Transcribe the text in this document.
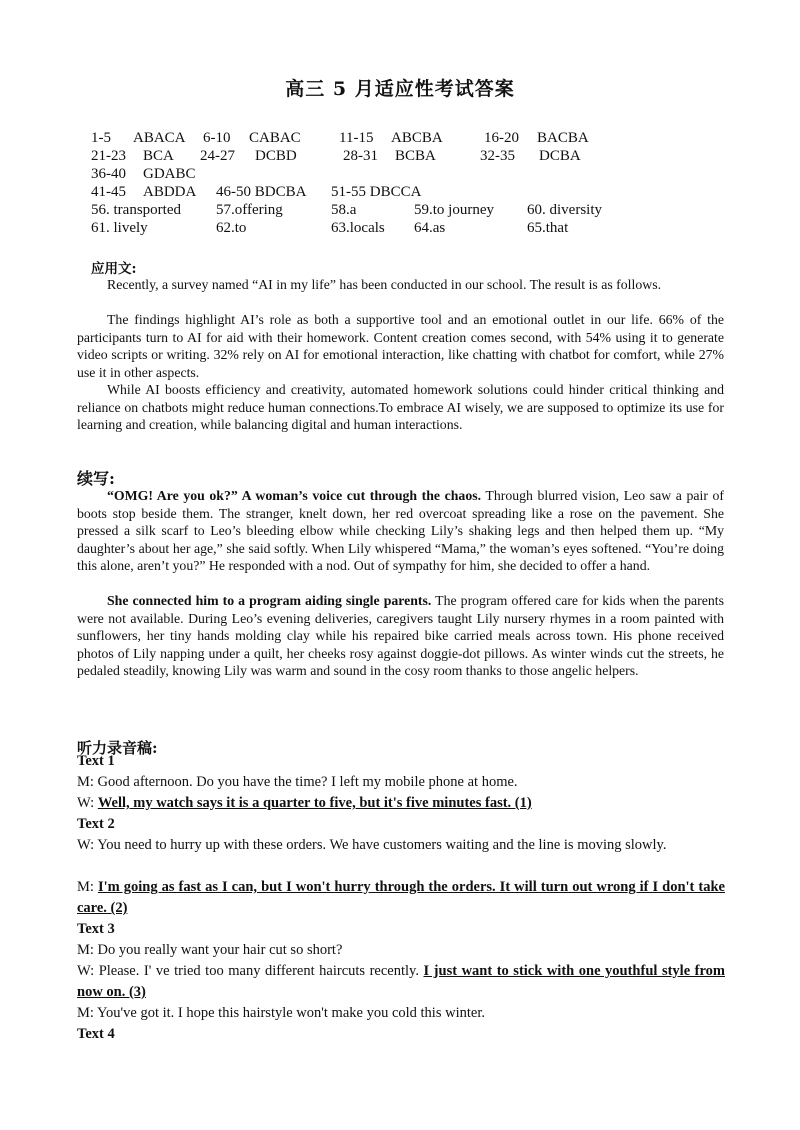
高三 5 月适应性考试答案
1-5 ABACA 6-10 CABAC	11-15 ABCBA	16-20 BACBA
21-23 BCA 24-27 DCBD	28-31 BCBA	32-35 DCBA
36-40 GDABC
41-45 ABDDA 46-50 BDCBA 51-55 DBCCA
56. transported 57.offering	58.a	59.to journey 60. diversity
61. lively	62.to	63.locals 64.as	65.that
应用文:

Recently, a survey named “AI in my life” has been conducted in our school. The result is as follows.

The findings highlight AI’s role as both a supportive tool and an emotional outlet in our life. 66% of the participants turn to AI for aid with their homework. Content creation comes second, with 54% using it to generate video scripts or writing. 32% rely on AI for emotional interaction, like chatting with chatbot for comfort, while 27% use it in other aspects.

While AI boosts efficiency and creativity, automated homework solutions could hinder critical thinking and reliance on chatbots might reduce human connections.To embrace AI wisely, we are supposed to optimize its use for learning and creation, while balancing digital and human interactions.

续写:

“OMG! Are you ok?” A woman’s voice cut through the chaos. Through blurred vision, Leo saw a pair of boots stop beside them. The stranger, knelt down, her red overcoat spreading like a rose on the pavement. She pressed a silk scarf to Leo’s bleeding elbow while checking Lily’s shaking legs and then helped them up. “My daughter’s about her age,” she said softly. When Lily whispered “Mama,” the woman’s eyes softened. “You’re doing this alone, aren’t you?” He responded with a nod. Out of sympathy for him, she decided to offer a hand.

She connected him to a program aiding single parents. The program offered care for kids when the parents were not available. During Leo’s evening deliveries, caregivers taught Lily nursery rhymes in a room painted with sunflowers, her tiny hands molding clay while his repaired bike carried meals across town. His phone received photos of Lily napping under a quilt, her cheeks rosy against doggie-dot pillows. As winter winds cut the streets, he pedaled steadily, knowing Lily was warm and sound in the cosy room thanks to those angelic helpers.

听力录音稿:
Text 1
M: Good afternoon. Do you have the time? I left my mobile phone at home.
W: Well, my watch says it is a quarter to five, but it's five minutes fast. (1)
Text 2
W: You need to hurry up with these orders. We have customers waiting and the line is moving slowly.
M: I'm going as fast as I can, but I won't hurry through the orders. It will turn out wrong if I don't take care. (2)
Text 3
M: Do you really want your hair cut so short?
W: Please. I' ve tried too many different haircuts recently. I just want to stick with one youthful style from now on. (3)
M: You've got it. I hope this hairstyle won't make you cold this winter.
Text 4
